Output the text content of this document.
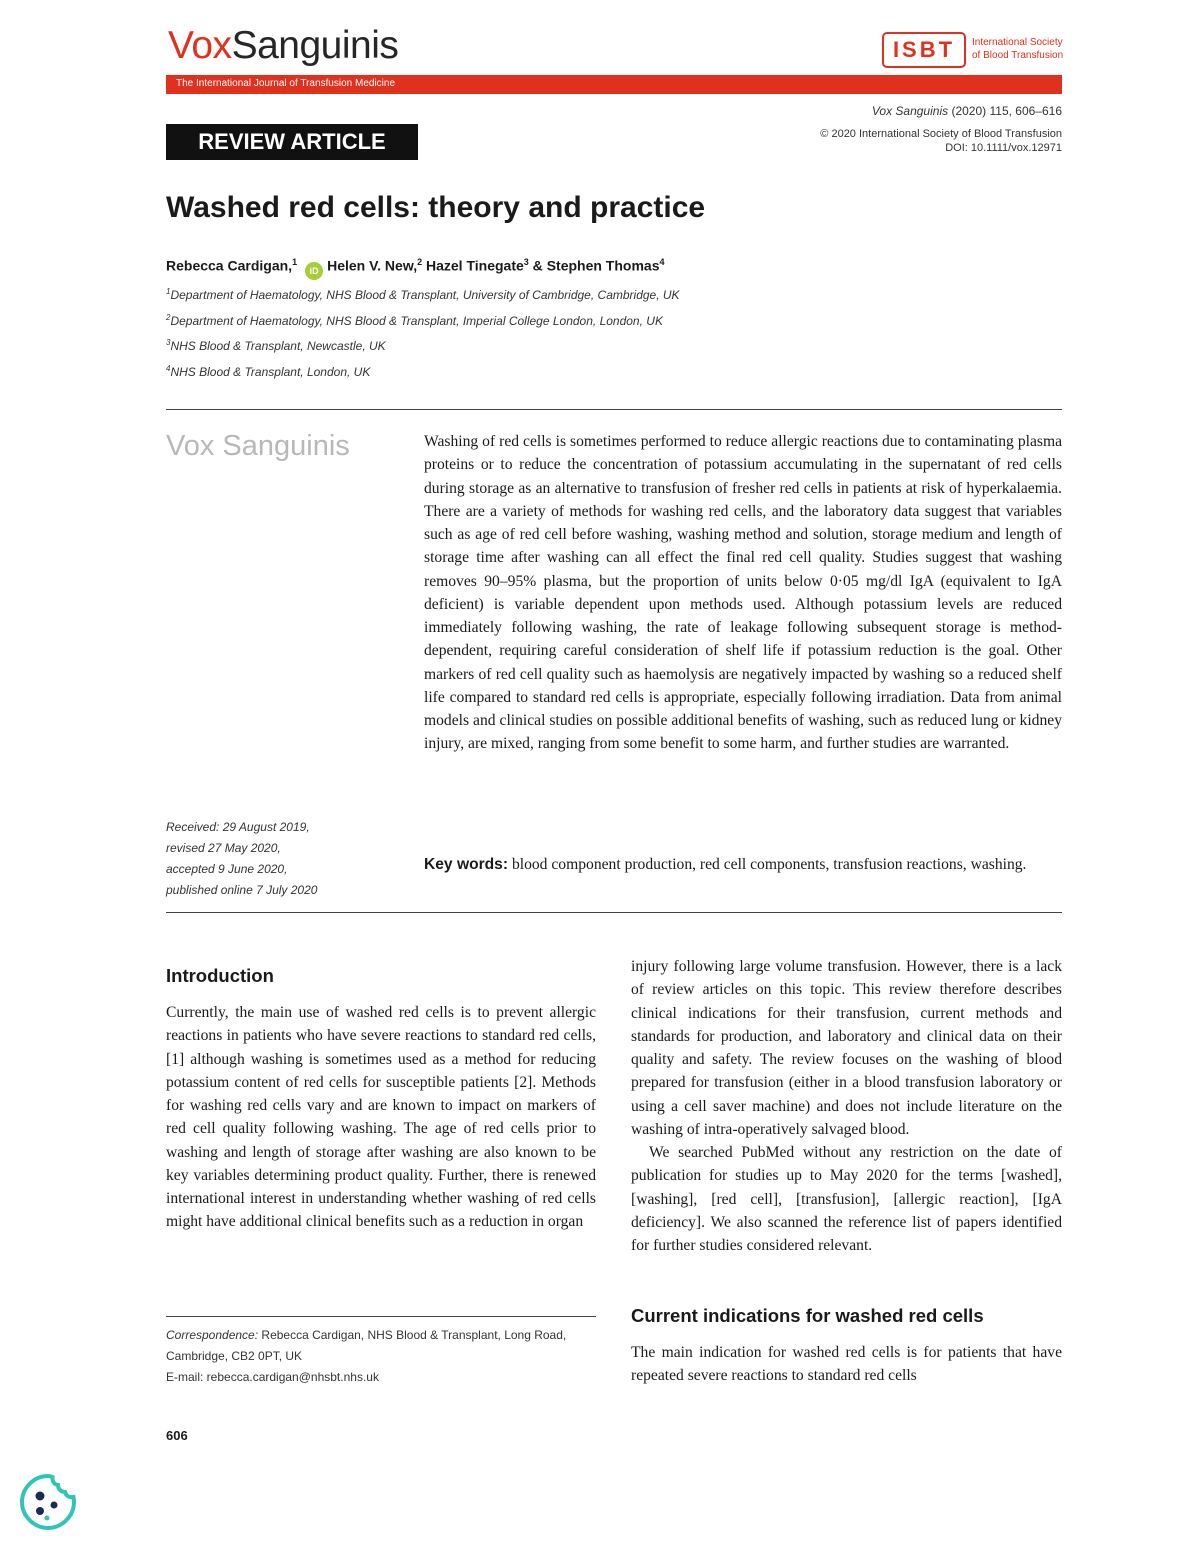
VoxSanguinis	ISBT	International Society of Blood Transfusion
The International Journal of Transfusion Medicine
Vox Sanguinis (2020) 115, 606–616
© 2020 International Society of Blood Transfusion
DOI: 10.1111/vox.12971
REVIEW ARTICLE
Washed red cells: theory and practice
Rebecca Cardigan,$^1$iD Helen V. New,$^2$ Hazel Tinegate$^3$ & Stephen Thomas$^4$
$^1$Department of Haematology, NHS Blood & Transplant, University of Cambridge, Cambridge, UK
$^2$Department of Haematology, NHS Blood & Transplant, Imperial College London, London, UK
$^3$NHS Blood & Transplant, Newcastle, UK
$^4$NHS Blood & Transplant, London, UK
Vox Sanguinis	Washing of red cells is sometimes performed to reduce allergic reactions due to contaminating plasma proteins or to reduce the concentration of potassium accumulating in the supernatant of red cells during storage as an alternative to transfusion of fresher red cells in patients at risk of hyperkalaemia. There are a variety of methods for washing red cells, and the laboratory data suggest that variables such as age of red cell before washing, washing method and solution, storage medium and length of storage time after washing can all effect the final red cell quality. Studies suggest that washing removes 90–95% plasma, but the proportion of units below 0·05 mg/dl IgA (equivalent to IgA deficient) is variable dependent upon methods used. Although potassium levels are reduced immediately following washing, the rate of leakage following subsequent storage is method-dependent, requiring careful consideration of shelf life if potassium reduction is the goal. Other markers of red cell quality such as haemolysis are negatively impacted by washing so a reduced shelf life compared to standard red cells is appropriate, especially following irradiation. Data from animal models and clinical studies on possible additional benefits of washing, such as reduced lung or kidney injury, are mixed, ranging from some benefit to some harm, and further studies are warranted.
Key words: blood component production, red cell components, transfusion reactions, washing.
Received: 29 August 2019,
revised 27 May 2020,
accepted 9 June 2020,
published online 7 July 2020
Introduction

Currently, the main use of washed red cells is to prevent allergic reactions in patients who have severe reactions to standard red cells, [1] although washing is sometimes used as a method for reducing potassium content of red cells for susceptible patients [2]. Methods for washing red cells vary and are known to impact on markers of red cell quality following washing. The age of red cells prior to washing and length of storage after washing are also known to be key variables determining product quality. Further, there is renewed international interest in understanding whether washing of red cells might have additional clinical benefits such as a reduction in organ

Correspondence: Rebecca Cardigan, NHS Blood & Transplant, Long Road, Cambridge, CB2 0PT, UK
E-mail: rebecca.cardigan@nhsbt.nhs.uk
606

injury following large volume transfusion. However, there is a lack of review articles on this topic. This review therefore describes clinical indications for their transfusion, current methods and standards for production, and laboratory and clinical data on their quality and safety. The review focuses on the washing of blood prepared for transfusion (either in a blood transfusion laboratory or using a cell saver machine) and does not include literature on the washing of intra-operatively salvaged blood.

We searched PubMed without any restriction on the date of publication for studies up to May 2020 for the terms [washed], [washing], [red cell], [transfusion], [allergic reaction], [IgA deficiency]. We also scanned the reference list of papers identified for further studies considered relevant.

Current indications for washed red cells

The main indication for washed red cells is for patients that have repeated severe reactions to standard red cells
